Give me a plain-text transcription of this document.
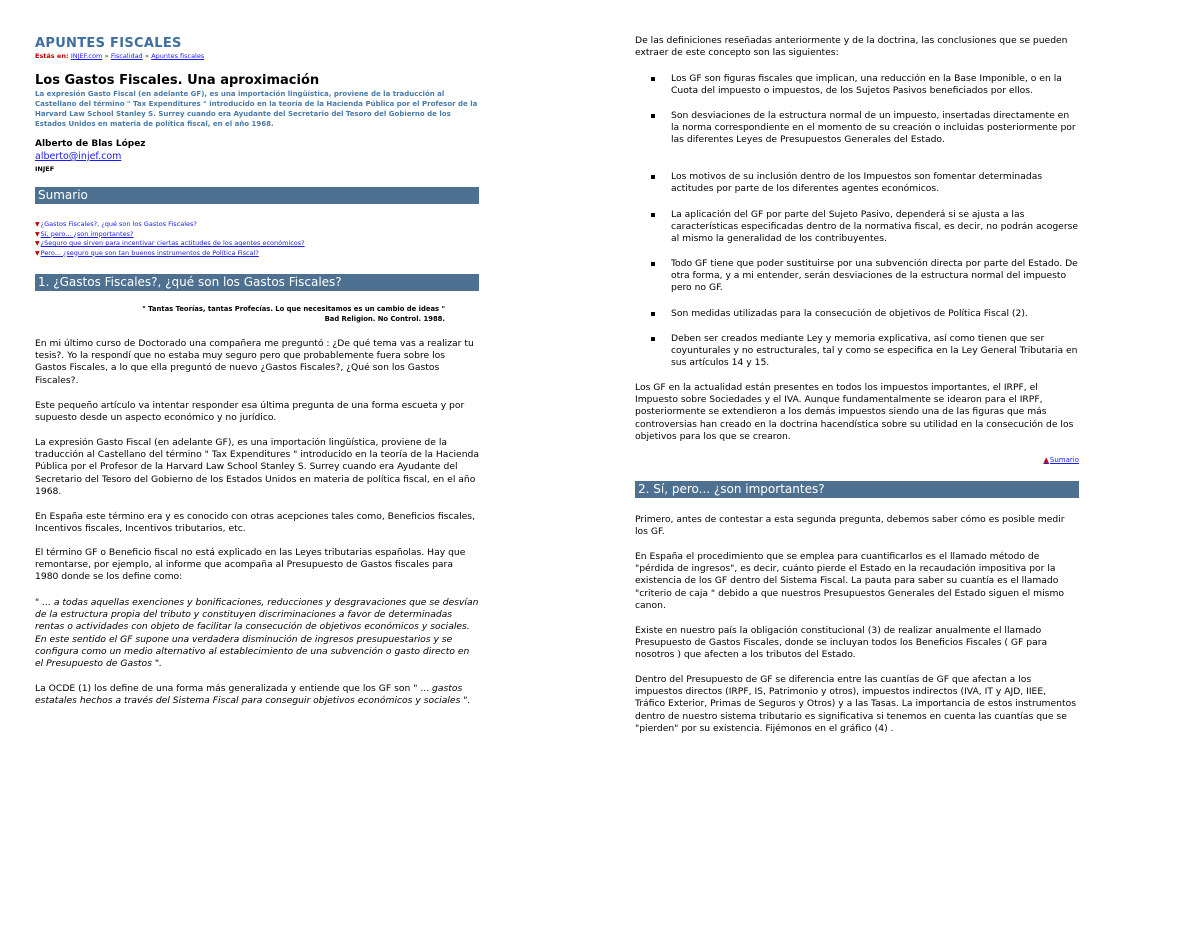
APUNTES FISCALES
Estás en: INJEF.com » Fiscalidad » Apuntes fiscales
Los Gastos Fiscales. Una aproximación

La expresión Gasto Fiscal (en adelante GF), es una importación lingüística, proviene de la traducción al Castellano del término " Tax Expenditures " introducido en la teoría de la Hacienda Pública por el Profesor de la Harvard Law School Stanley S. Surrey cuando era Ayudante del Secretario del Tesoro del Gobierno de los Estados Unidos en materia de política fiscal, en el año 1968.

Alberto de Blas López
alberto@injef.com
INJEF
Sumario
▼¿Gastos Fiscales?, ¿qué son los Gastos Fiscales?
▼Sí, pero... ¿son importantes?
▼¿Seguro que sirven para incentivar ciertas actitudes de los agentes económicos?
▼Pero... ¿seguro que son tan buenos instrumentos de Política Fiscal?
1. ¿Gastos Fiscales?, ¿qué son los Gastos Fiscales?
" Tantas Teorías, tantas Profecías. Lo que necesitamos es un cambio de ideas "
Bad Religion. No Control. 1988.

En mi último curso de Doctorado una compañera me preguntó : ¿De qué tema vas a realizar tu tesis?. Yo la respondí que no estaba muy seguro pero que probablemente fuera sobre los Gastos Fiscales, a lo que ella preguntó de nuevo ¿Gastos Fiscales?, ¿Qué son los Gastos Fiscales?.

Este pequeño artículo va intentar responder esa última pregunta de una forma escueta y por supuesto desde un aspecto económico y no jurídico.

La expresión Gasto Fiscal (en adelante GF), es una importación lingüística, proviene de la traducción al Castellano del término " Tax Expenditures " introducido en la teoría de la Hacienda Pública por el Profesor de la Harvard Law School Stanley S. Surrey cuando era Ayudante del Secretario del Tesoro del Gobierno de los Estados Unidos en materia de política fiscal, en el año 1968.

En España este término era y es conocido con otras acepciones tales como, Beneficios fiscales, Incentivos fiscales, Incentivos tributarios, etc.

El término GF o Beneficio fiscal no está explicado en las Leyes tributarias españolas. Hay que remontarse, por ejemplo, al informe que acompaña al Presupuesto de Gastos fiscales para 1980 donde se los define como:

" ... a todas aquellas exenciones y bonificaciones, reducciones y desgravaciones que se desvían de la estructura propia del tributo y constituyen discriminaciones a favor de determinadas rentas o actividades con objeto de facilitar la consecución de objetivos económicos y sociales. En este sentido el GF supone una verdadera disminución de ingresos presupuestarios y se configura como un medio alternativo al establecimiento de una subvención o gasto directo en el Presupuesto de Gastos ".

La OCDE (1) los define de una forma más generalizada y entiende que los GF son " ... gastos estatales hechos a través del Sistema Fiscal para conseguir objetivos económicos y sociales ".

De las definiciones reseñadas anteriormente y de la doctrina, las conclusiones que se pueden extraer de este concepto son las siguientes:

Los GF son figuras fiscales que implican, una reducción en la Base Imponible, o en la Cuota del impuesto o impuestos, de los Sujetos Pasivos beneficiados por ellos.
Son desviaciones de la estructura normal de un impuesto, insertadas directamente en la norma correspondiente en el momento de su creación o incluidas posteriormente por las diferentes Leyes de Presupuestos Generales del Estado.
Los motivos de su inclusión dentro de los Impuestos son fomentar determinadas actitudes por parte de los diferentes agentes económicos.
La aplicación del GF por parte del Sujeto Pasivo, dependerá si se ajusta a las características especificadas dentro de la normativa fiscal, es decir, no podrán acogerse al mismo la generalidad de los contribuyentes.
Todo GF tiene que poder sustituirse por una subvención directa por parte del Estado. De otra forma, y a mi entender, serán desviaciones de la estructura normal del impuesto pero no GF.
Son medidas utilizadas para la consecución de objetivos de Política Fiscal (2).
Deben ser creados mediante Ley y memoria explicativa, así como tienen que ser coyunturales y no estructurales, tal y como se especifica en la Ley General Tributaria en sus artículos 14 y 15.

Los GF en la actualidad están presentes en todos los impuestos importantes, el IRPF, el Impuesto sobre Sociedades y el IVA. Aunque fundamentalmente se idearon para el IRPF, posteriormente se extendieron a los demás impuestos siendo una de las figuras que más controversias han creado en la doctrina hacendística sobre su utilidad en la consecución de los objetivos para los que se crearon.

▲Sumario
2. Sí, pero... ¿son importantes?

Primero, antes de contestar a esta segunda pregunta, debemos saber cómo es posible medir los GF.

En España el procedimiento que se emplea para cuantificarlos es el llamado método de "pérdida de ingresos", es decir, cuánto pierde el Estado en la recaudación impositiva por la existencia de los GF dentro del Sistema Fiscal. La pauta para saber su cuantía es el llamado "criterio de caja " debido a que nuestros Presupuestos Generales del Estado siguen el mismo canon.

Existe en nuestro país la obligación constitucional (3) de realizar anualmente el llamado Presupuesto de Gastos Fiscales, donde se incluyan todos los Beneficios Fiscales ( GF para nosotros ) que afecten a los tributos del Estado.

Dentro del Presupuesto de GF se diferencia entre las cuantías de GF que afectan a los impuestos directos (IRPF, IS, Patrimonio y otros), impuestos indirectos (IVA, IT y AJD, IIEE, Tráfico Exterior, Primas de Seguros y Otros) y a las Tasas. La importancia de estos instrumentos dentro de nuestro sistema tributario es significativa si tenemos en cuenta las cuantías que se "pierden" por su existencia. Fijémonos en el gráfico (4) .
